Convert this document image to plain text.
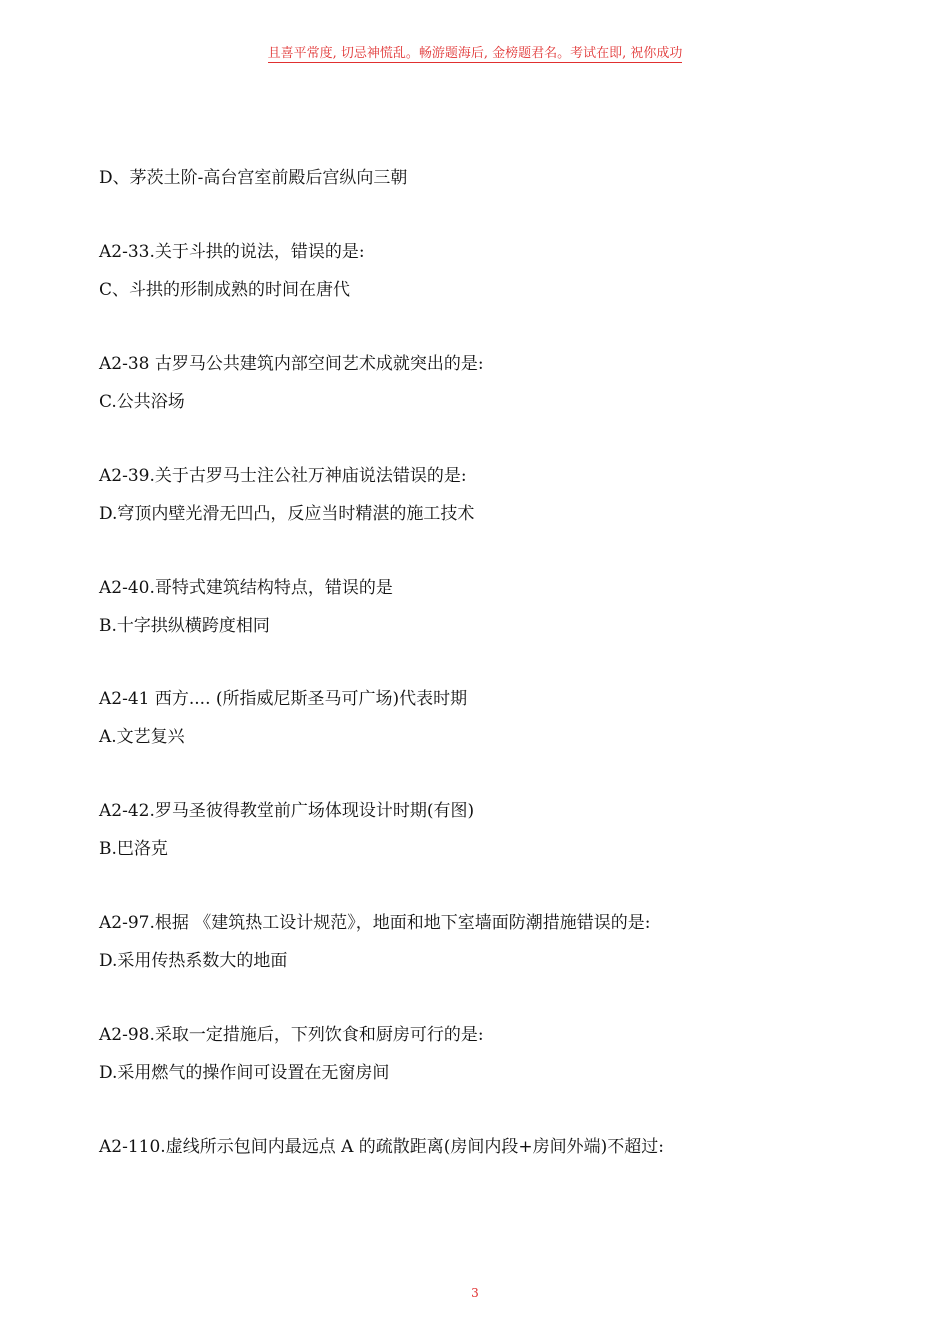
且喜平常度, 切忌神慌乱。畅游题海后, 金榜题君名。考试在即, 祝你成功
D、茅茨土阶-高台宫室前殿后宫纵向三朝
A2-33.关于斗拱的说法，错误的是:
C、斗拱的形制成熟的时间在唐代
A2-38 古罗马公共建筑内部空间艺术成就突出的是:
C.公共浴场
A2-39.关于古罗马士注公社万神庙说法错误的是:
D.穹顶内壁光滑无凹凸，反应当时精湛的施工技术
A2-40.哥特式建筑结构特点，错误的是
B.十字拱纵横跨度相同
A2-41 西方.... (所指威尼斯圣马可广场)代表时期
A.文艺复兴
A2-42.罗马圣彼得教堂前广场体现设计时期(有图)
B.巴洛克
A2-97.根据 《建筑热工设计规范》，地面和地下室墙面防潮措施错误的是:
D.采用传热系数大的地面
A2-98.采取一定措施后，下列饮食和厨房可行的是:
D.采用燃气的操作间可设置在无窗房间
A2-110.虚线所示包间内最远点 A 的疏散距离(房间内段+房间外端)不超过:
3
